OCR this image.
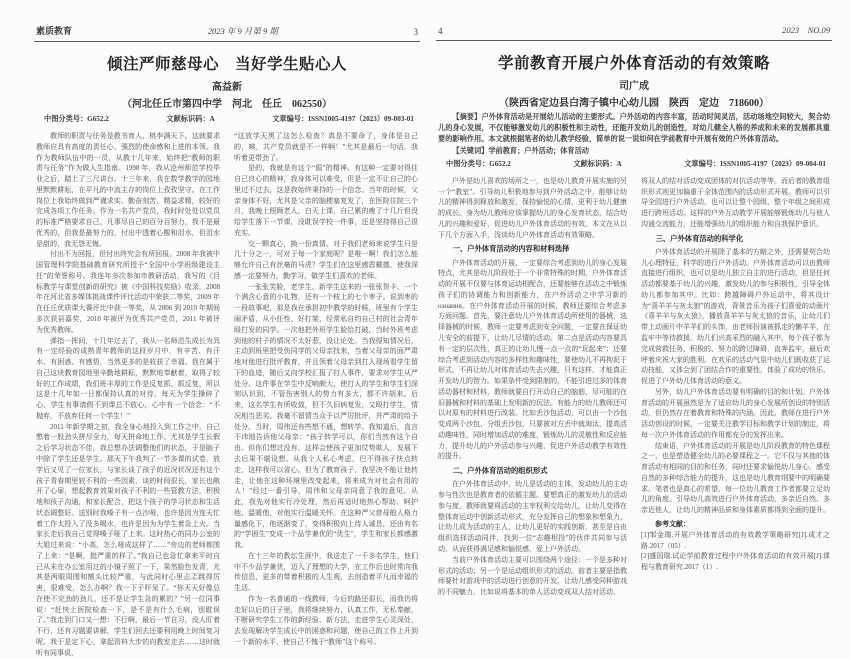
素质教育	2023 年 9 月第 9 期	3
倾注严师慈母心　当好学生贴心人
高益新
（河北任丘市第四中学　河北　任丘　062550）
中图分类号：G652.2	文献标识码：A	文章编号：ISSN1005-4197（2023）09-003-01

教师的职责与任务是教书育人，桃李满天下。这就要求教师应具有高度的责任心、强烈的使命感和上进的本领。我作为教师队伍中的一员，从教十几年来，始终把“教师的职责与任务”作为做人生指南。1998 年，我从沧州师范学校毕业之后，踏上了三尺讲台。十三年来，我在数学教学的园地里默默耕耘，在平凡的中流主存的岗位上孜孜坚守。在工作岗位上我始终做到严谨求实、勤奋刻苦、精益求精，较好的完成各项工作任务。作为一名共产党员，我时时处处以党员的标准严格要求自己，凡事尽自己的百分百努力，我不是最优秀的，但我是最努力的，付出中透着心酸和泪水，但泪水是甜的，我无怨无悔。

付出不为回报，但付出终究会有所回报。2008 年我被中国管理科学院基础教育研究所授予“全国中小学班级建设主任”的荣誉称号。我连年多次参加市教研活动，我写的《目标教学与课堂创新的研究》被《中国科技奖励》收录，2008 年在河北省多媒体挑战课件评比活动中荣获二等奖，2009 年在任丘优质课大赛评比中获一等奖，从 2006 到 2010 年期间多次获县嘉奖，2010 年被评为优秀共产党员，2011 年被评为优秀教师。

弹指一挥间，十几年过去了，我从一名师范生成长为具有一定经验的成熟青年教师的这段岁月中，有辛苦、有汗水、有困惑、有感悟，当然更多的是收获了幸福。我在属于自己这块教育园地里辛勤地耕耘，默默地奉献着，取得了较好的工作成绩，我们班丰厚的工作是反复抓、抓反复，所以这是十几年如一日都保持认真的对待，每天为学生操碎了心，学生有事请假不到课总不放心，心中有一个信念：“不抛弃，不放弃任何一个学生！”

2011 年新学期之初，我全身心地投入到工作之中，自己憋着一股劲头拼尽全力，每天拼命地工作。尤其是学生长假之后学习状态不佳，我总想办法调整他们的状态，于是脑子中除了学生还是学生。那天下午我判了一节多课的试卷，放学后又见了一位家长，与家长谈了孩子的近况状况还有这个孩子青春期里较不利的一些因素，谈的时间很长，家长也敞开了心扉，想起教育效果对孩子不利的一些管教方法，积极地和孩子沟通，和家长配合，把这个孩子的学习状态和生活状态调整好。送别时我嗓子有一点沙哑，也许是因为连天忙着工作太投入了没多喝水，也许是因为为学生着急上火。当家长走后我自己觉得嗓子哑了上来。这时热心的同办公室的大姐过来说：“小高，怎么哑成这样了……”旁边的老师都围了上来：“是啊，挺严重的样了。”我自己也急忙拿来平时自己从未在办公室用过的小镜子照了一下，果然脸色发青，尤其是两眼周围和额头比较严重，与此同时心里忐忑跳得厉害，很难受，怎么办啊？我一下子吓呆了。“你天天好像总在使不完劲的劲儿，还不是让学生急的累的？”另一位同事说：“赶快上医院检查一下，是不是有什么毛病，别耽误了。”我走到门口又一想：不行啊，最后一节自习，没人盯着不行，还有习题要讲解，学生们回去还要利用晚上时间复习呢。我于是定下心，拿起资料大步的向教室走去……这时就听有同事说，

“这放学天黑了这怎么检查？真是不要命了，身体是自己的，唉，共产党员就是不一样啊！”尤其是最后一句话，我听着更带劲了。

是的，我就是有这个“倔”的精神。有这种一定要对得住自己良心的精神，我身体可以难受，但是一定不让自己的心里过不过去，这是我始终秉持的一个信念。当年的时候，父亲身体不好，尤其是父亲的脑梗塞复发了，在医院住院三个月，我晚上照顾老人，白天上课，自己累的瘦了十几斤但没给学生落下一节课，没耽误学校一件事，还是坚持得自己很充实。

交一颗真心，换一份真情。对于我们老师来说学生只是几十分之一，可对于每一个家庭呢？是唯一啊！我们怎么能够允许自己有丝毫的马虎？学生们在这里感恩戴德，使我深感一定要努力，勤学习，做学生们喜欢的老师。

一张张笑脸，老学生、新学生送来的一张张贺卡、一个个满含心意的小礼物，还有一个枝上的七个枣子。说到枣的一段故事吧，那是我在承担初中教学的时候，班里有个学生闹矛盾，从小任性、好打架，经常私自约自己村的社会青年殴打发的同学。一次他把外班学生脸给打破，当时外班考虑到他的村子的情况不太好惹，没让论处。当我得知情况后，主动到班里把受伤同学的父母亲找来，当着父母亲的面严肃地对他进行批评教育，并且领着父母亲到打人现场看学生留下的血迹，随后又向学校汇报了打人事件，要求对学生从严处分。这件事在学生中反响颇大，使打人的学生和学生们深刻认识到，不管伤害别人的势力有多大，都不许胡来。后来，这名学生有所收敛，但不久旧病复发，又殴打学生，情况相当恶劣。我毫不留情当众予以严厉批评，并严肃的给予处分。当时，周伟还有些想不通，想转学。我知道后，直言不讳地告诉他父母亲：“孩子转学可以，你们当然有这个自由。但你们想过没有，这样会使孩子更加仗势欺人，发展下去后果不堪设想。从我个人私心考虑，巴不得孩子快点转走，这样我可以省心。但为了教育孩子，我坚决不能让他转走，让他在这种环境里改变起来，将来成为对社会有用的人！”经过一番引导，周伟和父母亲同意了我的意见。从此，我先对他实行冷处理，然后再适时地热心帮助、呵护他、温暖他，对他实行温暖关怀。在这种严父慈母般人格力量感化下，他逐渐变了，变得积极向上待人诚恳，还由有名的“学困生”变成一个品学兼优的“优生”，学生和家长都感激我。

在十三年的教坛生涯中，我送走了一千多名学生，他们中不少品学兼优，迈入了理想的大学，在工作后也时常向我传信息，更多的带着积极的人生观，去创造着平凡而幸福的生活。

作为一名普通的一线教师，今后的路还很长，而我仍将走好以后的日子里，我将继续努力，认真工作，无私奉献，不断研究学生工作的新经验、新方法，走进学生心灵深处，去发现解决学生成长中的困惑和问题，使自己的工作上升到一个新的水平，使自己不愧于“教师”这个称号。

4	2023　NO.09
学前教育开展户外体育活动的有效策略
司广成
（陕西省定边县白湾子镇中心幼儿园　陕西　定边　718600）

【摘要】户外体育活动是开展幼儿活动的主要形式。户外活动的内容丰富，活动时间灵活，活动场地空间较大，契合幼儿的身心发展，不仅能够激发幼儿的积极性和主动性，还能开发幼儿的创造性，对幼儿健全人格的养成和未来的发展都具重要的影响作用。本文就根据笔者的幼儿教学经验，简单的说一说如何在学前教育中开展有效的户外体育活动。

【关键词】学前教育；户外活动；体育活动
中图分类号：G652.2	文献标识码：A	文章编号：ISSN1005-4197（2023）09-004-01

户外是幼儿喜欢的场所之一，也是幼儿教育开展实施的另一个“教室”。引导幼儿积极地参与到户外活动之中，能够让幼儿的精神得到释放和激发，保持愉悦的心情，更利于幼儿健康的成长。身为幼儿教师应该掌握幼儿的身心发育状态，结合幼儿的兴趣和爱好，促进幼儿户外体育活动的有效。本文在从以下几个方面入手，浅谈幼儿户外体育活动有效策略。

一、户外体育活动的内容和材料选择

户外体育活动的开展，一定要综合考虑到幼儿的身心发展特点，尤其是幼儿阶段处于一个非常特殊的时期，户外体育活动的开展不仅要与体育运动相配合，还要能够在活动之中锻炼孩子们的协调能力和创新能力，在户外活动之中学习新的ознания。在户外体育活动开展的时候，教师还要综合考虑多方面问题。首先，要注意幼儿户外体育活动所使用的器械，选择器械的时候，教师一定要考虑到安全问题，一定要在保证幼儿安全的前提下，让幼儿尽情的活动。第二点是活动内容要具有一定的层次性，真正的让幼儿慢一点一点的“玩起来”；还要综合考虑到活动内容的多样性和趣味性，要使幼儿不再拘泥于形式，不再让幼儿对体育活动失去兴趣，只有这样，才能真正开发幼儿的智力。如果条件受到限制的，不能引进过多的体育活动器材和材料，教师就要自行开动自己的脑筋，尽可能的在旧器械和材料的基础上发明新的玩法。有能力的幼儿教师还可以对原有的材料进行改装。比如丢沙包活动，可以由一个沙包变成两个沙包、分组丢沙包，只要被对方丢中就淘汰，提高活动趣味性，同时增加活动的难度，锻炼幼儿的灵敏性和反应能力，提升幼儿的户外活动参与兴趣，促进户外活动教学有效性的提升。

二、户外体育活动的组织形式

在户外体育活动中，幼儿是活动的主体，发动幼儿的主动参与性次也是教育者的依循主题。要想真正的激发幼儿的活动参与度，教师就要将活动的主宰权利交给幼儿，让幼儿变得在整体育运动中创新活动形式，充分发挥自己的想象和想象力，让幼儿成为活动的主人，让幼儿更好的实践创新，甚至是自由组织选择活动同伴，找到一位“志趣相投”的伙伴共同参与活动，从而获得满足感和愉悦感，爱上户外活动。

当前户外体育活动主要可以围绕两个途径：一个是多种对形式的活动；另一个是运动组织形式的活动。前者主要是指教师要针对游戏中的活动进行创意的开发，让幼儿感受同种游戏的不同魅力。比如说将基本的单人活动变成双人结对活动、

将双人的结对活动变成团体的对抗活动等等。而后者的教育组织形式则更加偏重于全体范围内的活动形式开展。教师可以引导全园进行户外活动，也可以让整个园级、整个年级之间形成进行跨班活动。这样的户外互动教学开展能够锻炼幼儿与他人沟通交流能力，还能增强幼儿的组织能力和自我保护意识。

三、户外体育活动的科学化

户外体育活动的开展除了基本的方略之外，还需要契合幼儿心理特征，科学的进行户外活动。户外体育活动可以由教师直接进行组织，也可以是幼儿独立自主的进行活动，但是任何活动都要基于幼儿的兴趣，激发幼儿的参与积极性，引导全体幼儿都参加其中。比如：跨越障碍户外运动中，将其设计为“喜羊羊与灰太狼”的游戏，背景音乐为孩子们喜爱的动画片《喜羊羊与灰太狼》，播放喜羊羊与灰太狼的音乐，让幼儿们带上动画片中羊羊们的头饰，由老师扮演被抓走的懒羊羊，在监牢中等待救援。幼儿们兴高采烈的融入其中，每个孩子都为完成营救任务，积极的、努力的跨过障碍，直奔监牢，最后欢呼着庆祝大家的胜利。在欢乐的活动气氛中幼儿们既收获了运动技能，又体会到了团结合作的重要性，体验了成功的快乐，促进了户外幼儿体育活动的意义。

另外，幼儿户外体育活动要有明确的目的和计划。户外体育活动的开展虽然是为了适应幼儿的身心发展所创设的特别活动，但仍然存在着教育和特殊的内涵。因此，教师在进行户外活动创设的时候，一定要关注教学目标和教学计划的制定，将每一次户外体育活动的作用都充分的发挥出来。

结束语，户外体育活动的开展是幼儿阶段教育的特色课程之一，也是塑造健全幼儿的必要课程之一。它不仅与其他的体育活动有相同的目的和任务，同时还要求愉悦幼儿身心，感受自然的多种综合能力的提升，这也是幼儿教育纲要中的明确要求。笔者也是真心的希望，每一位幼儿教育工作者都要立足幼儿的角度，引导幼儿高效进行户外体育活动，多亲近自然、多亲近他人，让幼儿的精神品质和身体素质都得到全面的提升。

参考文献：

[1]邹金瑞.开展户外体育活动的有效教学策略研究[J].成才之路.2017（05）.

[2]盛国瑞.试论学前教育过程中户外体育活动的有效开展[J].课程与教育研究.2017（1）.
